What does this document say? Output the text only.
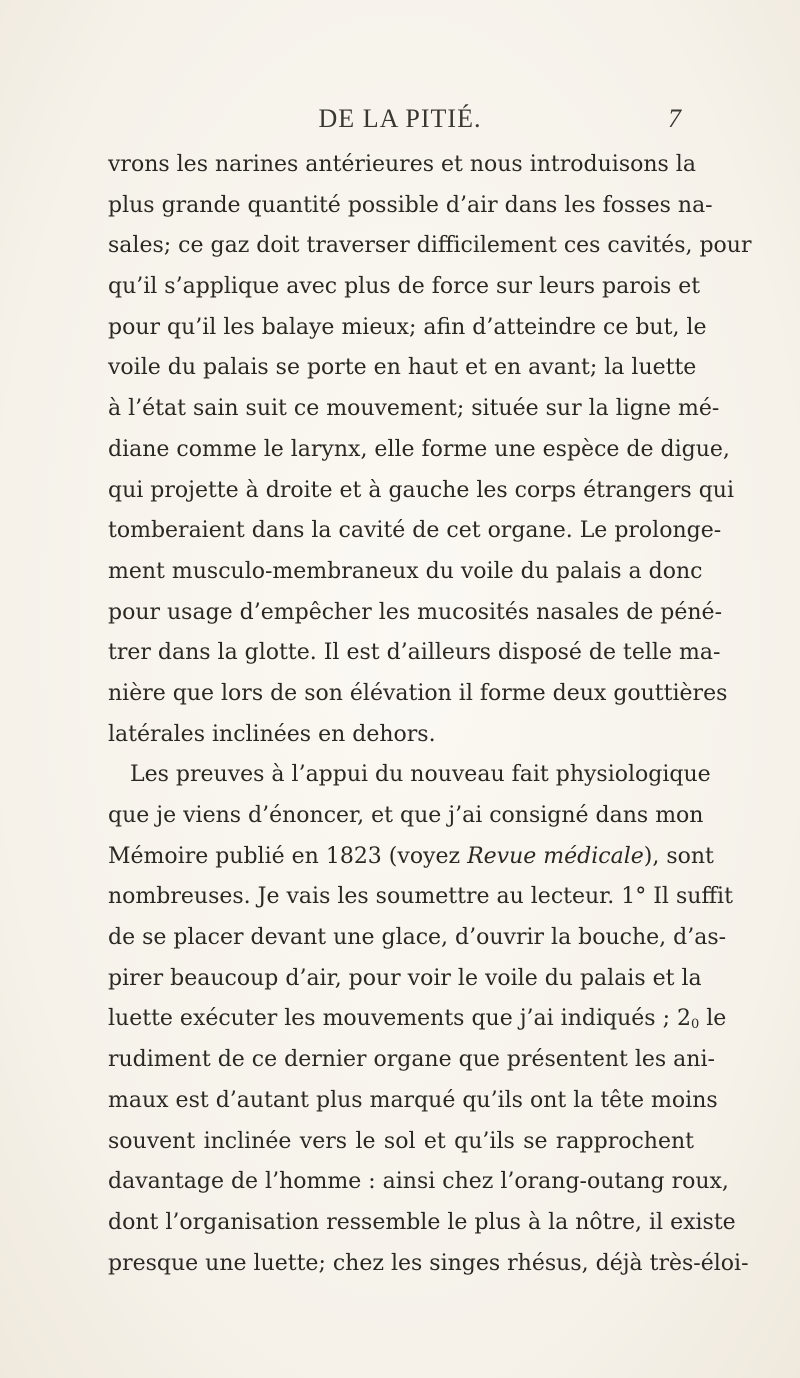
DE LA PITIÉ.	7
vrons les narines antérieures et nous introduisons la
plus grande quantité possible d’air dans les fosses na-
sales; ce gaz doit traverser difficilement ces cavités, pour
qu’il s’applique avec plus de force sur leurs parois et
pour qu’il les balaye mieux; afin d’atteindre ce but, le
voile du palais se porte en haut et en avant; la luette
à l’état sain suit ce mouvement; située sur la ligne mé-
diane comme le larynx, elle forme une espèce de digue,
qui projette à droite et à gauche les corps étrangers qui
tomberaient dans la cavité de cet organe. Le prolonge-
ment musculo-membraneux du voile du palais a donc
pour usage d’empêcher les mucosités nasales de péné-
trer dans la glotte. Il est d’ailleurs disposé de telle ma-
nière que lors de son élévation il forme deux gouttières
latérales inclinées en dehors.
Les preuves à l’appui du nouveau fait physiologique
que je viens d’énoncer, et que j’ai consigné dans mon
Mémoire publié en 1823 (voyez Revue médicale), sont
nombreuses. Je vais les soumettre au lecteur. 1° Il suffit
de se placer devant une glace, d’ouvrir la bouche, d’as-
pirer beaucoup d’air, pour voir le voile du palais et la
luette exécuter les mouvements que j’ai indiqués ; $2_0$ le
rudiment de ce dernier organe que présentent les ani-
maux est d’autant plus marqué qu’ils ont la tête moins
souvent inclinée vers le sol et qu’ils se rapprochent
davantage de l’homme : ainsi chez l’orang-outang roux,
dont l’organisation ressemble le plus à la nôtre, il existe
presque une luette; chez les singes rhésus, déjà très-éloi-
